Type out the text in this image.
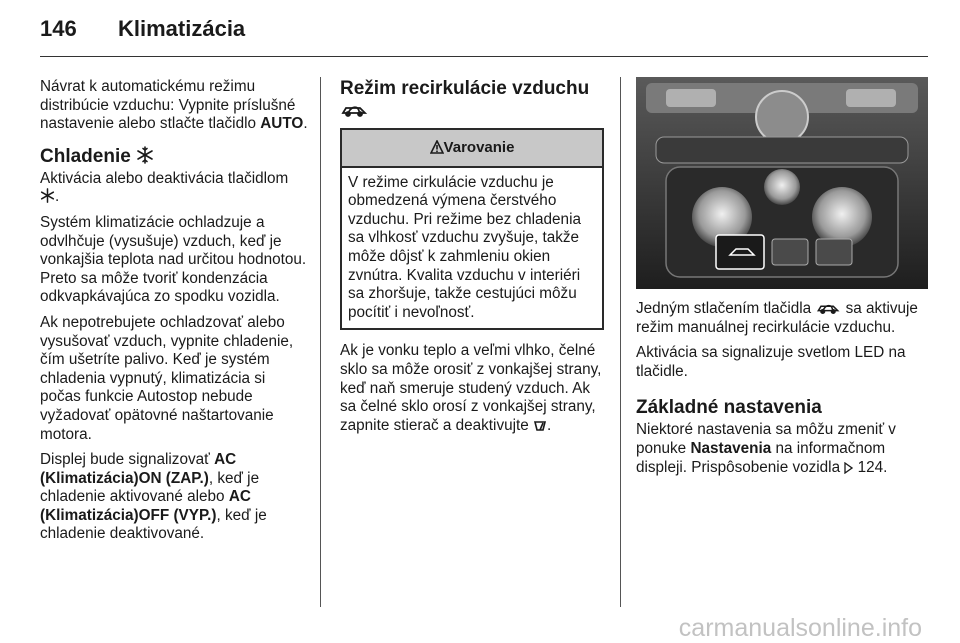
146 Klimatizácia

Návrat k automatickému režimu distribúcie vzduchu: Vypnite príslušné nastavenie alebo stlačte tlačidlo AUTO.

Chladenie

Aktivácia alebo deaktivácia tlačidlom
.

Systém klimatizácie ochladzuje a odvlhčuje (vysušuje) vzduch, keď je vonkajšia teplota nad určitou hodnotou. Preto sa môže tvoriť kondenzácia odkvapkávajúca zo spodku vozidla.

Ak nepotrebujete ochladzovať alebo vysušovať vzduch, vypnite chladenie, čím ušetríte palivo. Keď je systém chladenia vypnutý, klimatizácia si počas funkcie Autostop nebude vyžadovať opätovné naštartovanie motora.

Displej bude signalizovať AC (Klimatizácia)ON (ZAP.), keď je chladenie aktivované alebo AC (Klimatizácia)OFF (VYP.), keď je chladenie deaktivované.

Režim recirkulácie vzduchu
Varovanie
V režime cirkulácie vzduchu je obmedzená výmena čerstvého vzduchu. Pri režime bez chladenia sa vlhkosť vzduchu zvyšuje, takže môže dôjsť k zahmleniu okien zvnútra. Kvalita vzduchu v interiéri sa zhoršuje, takže cestujúci môžu pocítiť i nevoľnosť.

Ak je vonku teplo a veľmi vlhko, čelné sklo sa môže orosiť z vonkajšej strany, keď naň smeruje studený vzduch. Ak sa čelné sklo orosí z vonkajšej strany, zapnite stierač a deaktivujte .

Jedným stlačením tlačidla sa aktivuje režim manuálnej recirkulácie vzduchu.

Aktivácia sa signalizuje svetlom LED na tlačidle.

Základné nastavenia

Niektoré nastavenia sa môžu zmeniť v ponuke Nastavenia na informačnom displeji. Prispôsobenie vozidla 124.

carmanualsonline.info
